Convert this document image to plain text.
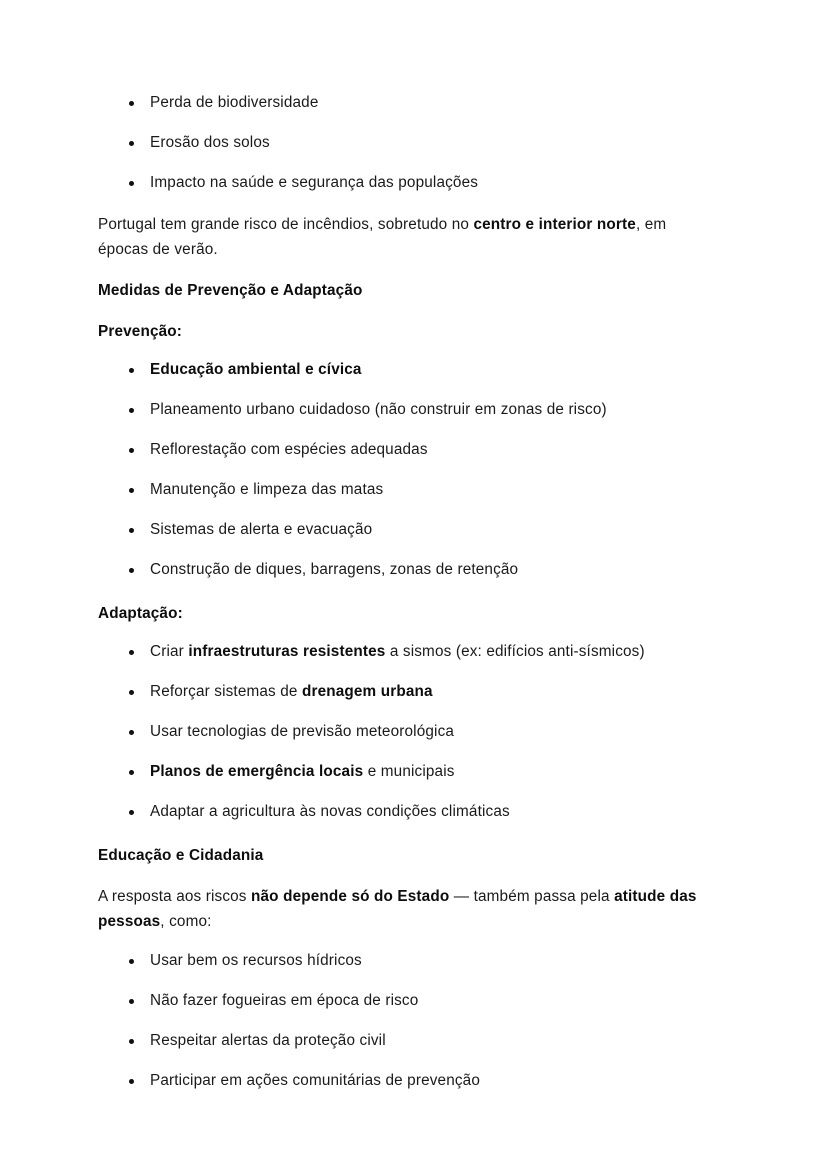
Perda de biodiversidade
Erosão dos solos
Impacto na saúde e segurança das populações

Portugal tem grande risco de incêndios, sobretudo no centro e interior norte, em épocas de verão.

Medidas de Prevenção e Adaptação
Prevenção:
Educação ambiental e cívica
Planeamento urbano cuidadoso (não construir em zonas de risco)
Reflorestação com espécies adequadas
Manutenção e limpeza das matas
Sistemas de alerta e evacuação
Construção de diques, barragens, zonas de retenção
Adaptação:
Criar infraestruturas resistentes a sismos (ex: edifícios anti-sísmicos)
Reforçar sistemas de drenagem urbana
Usar tecnologias de previsão meteorológica
Planos de emergência locais e municipais
Adaptar a agricultura às novas condições climáticas
Educação e Cidadania

A resposta aos riscos não depende só do Estado — também passa pela atitude das pessoas, como:

Usar bem os recursos hídricos
Não fazer fogueiras em época de risco
Respeitar alertas da proteção civil
Participar em ações comunitárias de prevenção
